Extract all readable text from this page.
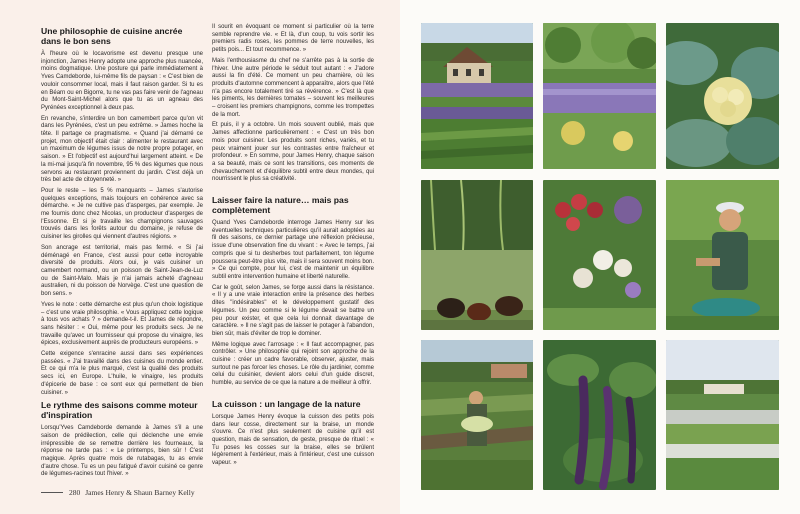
Une philosophie de cuisine ancrée dans le bon sens

À l'heure où le locavorisme est devenu presque une injonction, James Henry adopte une approche plus nuancée, moins dogmatique. Une posture qui parle immédiatement à Yves Camdeborde, lui-même fils de paysan : « C'est bien de vouloir consommer local, mais il faut raison garder. Si tu es en Béarn ou en Bigorre, tu ne vas pas faire venir de l'agneau du Mont-Saint-Michel alors que tu as un agneau des Pyrénées exceptionnel à deux pas.

En revanche, s'interdire un bon camembert parce qu'on vit dans les Pyrénées, c'est un peu extrême. » James hoche la tête. Il partage ce pragmatisme. « Quand j'ai démarré ce projet, mon objectif était clair : alimenter le restaurant avec un maximum de légumes issus de notre propre potager, en saison. » Et l'objectif est aujourd'hui largement atteint. « De la mi-mai jusqu'à fin novembre, 95 % des légumes que nous servons au restaurant proviennent du jardin. C'est déjà un très bel acte de citoyenneté. »

Pour le reste – les 5 % manquants – James s'autorise quelques exceptions, mais toujours en cohérence avec sa démarche. « Je ne cultive pas d'asperges, par exemple. Je me fournis donc chez Nicolas, un producteur d'asperges de l'Essonne. Et si je travaille les champignons sauvages trouvés dans les forêts autour du domaine, je refuse de cuisiner les girolles qui viennent d'autres régions. »

Son ancrage est territorial, mais pas fermé. « Si j'ai déménagé en France, c'est aussi pour cette incroyable diversité de produits. Alors oui, je vais cuisiner un camembert normand, ou un poisson de Saint-Jean-de-Luz ou de Saint-Malo. Mais je n'ai jamais acheté d'agneau australien, ni du poisson de Norvège. C'est une question de bon sens. »

Yves le note : cette démarche est plus qu'un choix logistique – c'est une vraie philosophie. « Vous appliquez cette logique à tous vos achats ? » demande-t-il. Et James de répondre, sans hésiter : « Oui, même pour les produits secs. Je ne travaille qu'avec un fournisseur qui propose du vinaigre, les épices, exclusivement auprès de producteurs européens. »

Cette exigence s'enracine aussi dans ses expériences passées. « J'ai travaillé dans des cuisines du monde entier. Et ce qui m'a le plus marqué, c'est la qualité des produits secs ici, en Europe. L'huile, le vinaigre, les produits d'épicerie de base : ce sont eux qui permettent de bien cuisiner. »

Le rythme des saisons comme moteur d'inspiration

Lorsqu'Yves Camdeborde demande à James s'il a une saison de prédilection, celle qui déclenche une envie irrépressible de se remettre derrière les fourneaux, la réponse ne tarde pas : « Le printemps, bien sûr ! C'est magique. Après quatre mois de rutabagas, tu as envie d'autre chose. Tu es un peu fatigué d'avoir cuisiné ce genre de légumes-racines tout l'hiver. »

Il sourit en évoquant ce moment si particulier où la terre semble reprendre vie. « Et là, d'un coup, tu vois sortir les premiers radis roses, les pommes de terre nouvelles, les petits pois... Et tout recommence. »

Mais l'enthousiasme du chef ne s'arrête pas à la sortie de l'hiver. Une autre période le séduit tout autant : « J'adore aussi la fin d'été. Ce moment un peu charnière, où les produits d'automne commencent à apparaître, alors que l'été n'a pas encore totalement tiré sa révérence. » C'est là que les piments, les dernières tomates – souvent les meilleures – croisent les premiers champignons, comme les trompettes de la mort.

Et puis, il y a octobre. Un mois souvent oublié, mais que James affectionne particulièrement : « C'est un très bon mois pour cuisiner. Les produits sont riches, variés, et tu peux vraiment jouer sur les contrastes entre fraîcheur et profondeur. » En somme, pour James Henry, chaque saison a sa beauté, mais ce sont les transitions, ces moments de chevauchement et d'équilibre subtil entre deux mondes, qui nourrissent le plus sa créativité.

Laisser faire la nature… mais pas complètement

Quand Yves Camdeborde interroge James Henry sur les éventuelles techniques particulières qu'il aurait adoptées au fil des saisons, ce dernier partage une réflexion précieuse, issue d'une observation fine du vivant : « Avec le temps, j'ai compris que si tu desherbes tout parfaitement, ton légume poussera peut-être plus vite, mais il sera souvent moins bon. » Ce qui compte, pour lui, c'est de maintenir un équilibre subtil entre intervention humaine et liberté naturelle.

Car le goût, selon James, se forge aussi dans la résistance. « Il y a une vraie interaction entre la présence des herbes dites "indésirables" et le développement gustatif des légumes. Un peu comme si le légume devait se battre un peu pour exister, et que cela lui donnait davantage de caractère. » Il ne s'agit pas de laisser le potager à l'abandon, bien sûr, mais d'éviter de trop le dominer.

Même logique avec l'arrosage : « Il faut accompagner, pas contrôler. » Une philosophie qui rejoint son approche de la cuisine : créer un cadre favorable, observer, ajuster, mais surtout ne pas forcer les choses. Le rôle du jardinier, comme celui du cuisinier, devient alors celui d'un guide discret, humble, au service de ce que la nature a de meilleur à offrir.

La cuisson : un langage de la nature

Lorsque James Henry évoque la cuisson des petits pois dans leur cosse, directement sur la braise, un monde s'ouvre. Ce n'est plus seulement de cuisine qu'il est question, mais de sensation, de geste, presque de rituel : « Tu poses les cosses sur la braise, elles se brûlent légèrement à l'extérieur, mais à l'intérieur, c'est une cuisson vapeur. »

280 James Henry & Shaun Barney Kelly
